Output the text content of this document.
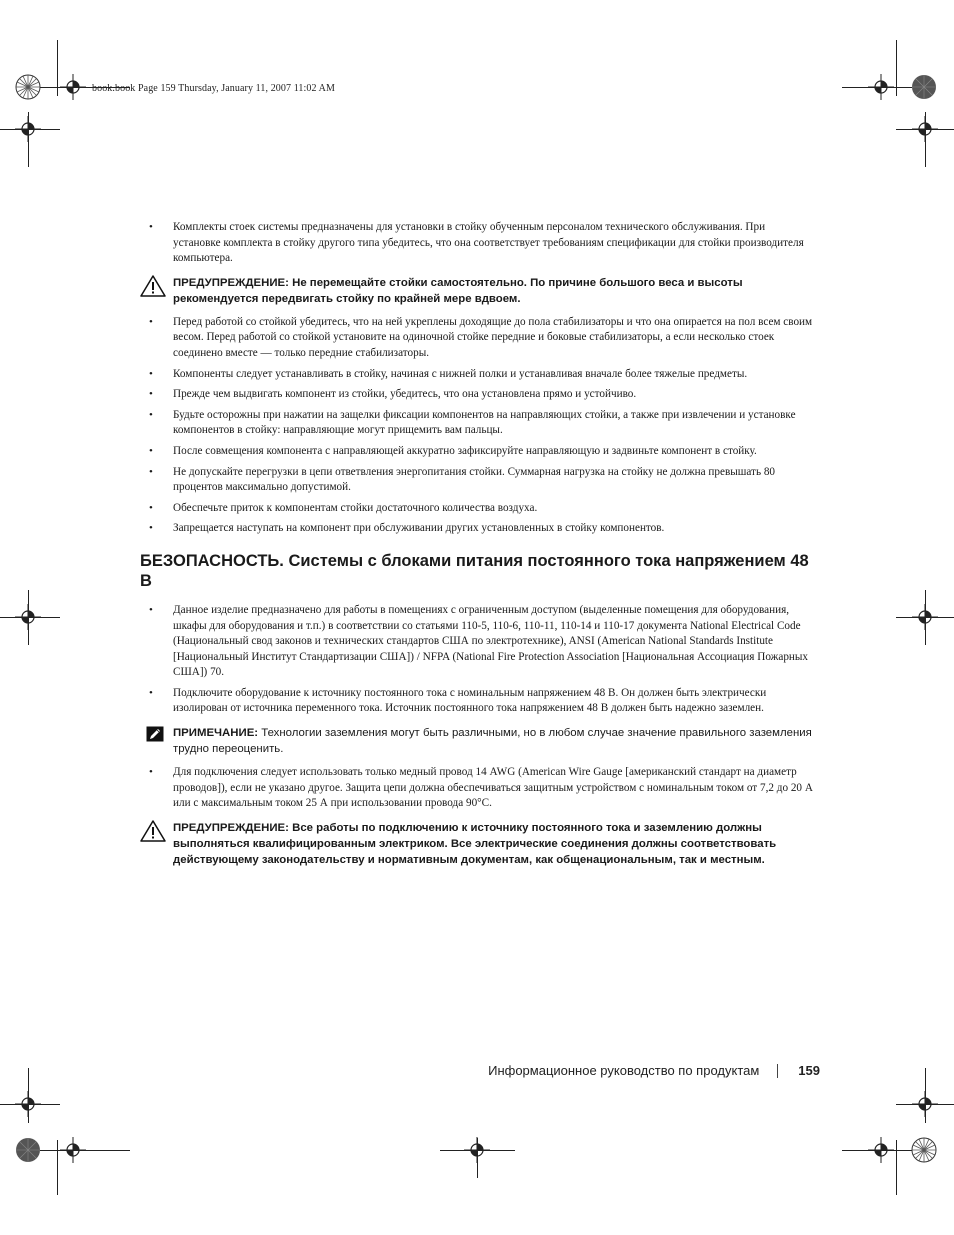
book.book Page 159 Thursday, January 11, 2007 11:02 AM
• Комплекты стоек системы предназначены для установки в стойку обученным персоналом технического обслуживания. При установке комплекта в стойку другого типа убедитесь, что она соответствует требованиям спецификации для стойки производителя компьютера.
ПРЕДУПРЕЖДЕНИЕ: Не перемещайте стойки самостоятельно. По причине большого веса и высоты рекомендуется передвигать стойку по крайней мере вдвоем.
• Перед работой со стойкой убедитесь, что на ней укреплены доходящие до пола стабилизаторы и что она опирается на пол всем своим весом. Перед работой со стойкой установите на одиночной стойке передние и боковые стабилизаторы, а если несколько стоек соединено вместе — только передние стабилизаторы.
• Компоненты следует устанавливать в стойку, начиная с нижней полки и устанавливая вначале более тяжелые предметы.
• Прежде чем выдвигать компонент из стойки, убедитесь, что она установлена прямо и устойчиво.
• Будьте осторожны при нажатии на защелки фиксации компонентов на направляющих стойки, а также при извлечении и установке компонентов в стойку: направляющие могут прищемить вам пальцы.
• После совмещения компонента с направляющей аккуратно зафиксируйте направляющую и задвиньте компонент в стойку.
• Не допускайте перегрузки в цепи ответвления энергопитания стойки. Суммарная нагрузка на стойку не должна превышать 80 процентов максимально допустимой.
• Обеспечьте приток к компонентам стойки достаточного количества воздуха.
• Запрещается наступать на компонент при обслуживании других установленных в стойку компонентов.
БЕЗОПАСНОСТЬ. Системы с блоками питания постоянного тока напряжением 48 В
• Данное изделие предназначено для работы в помещениях с ограниченным доступом (выделенные помещения для оборудования, шкафы для оборудования и т.п.) в соответствии со статьями 110-5, 110-6, 110-11, 110-14 и 110-17 документа National Electrical Code (Национальный свод законов и технических стандартов США по электротехнике), ANSI (American National Standards Institute [Национальный Институт Стандартизации США]) / NFPA (National Fire Protection Association [Национальная Ассоциация Пожарных США]) 70.
• Подключите оборудование к источнику постоянного тока с номинальным напряжением 48 В. Он должен быть электрически изолирован от источника переменного тока. Источник постоянного тока напряжением 48 В должен быть надежно заземлен.
ПРИМЕЧАНИЕ: Технологии заземления могут быть различными, но в любом случае значение правильного заземления трудно переоценить.
• Для подключения следует использовать только медный провод 14 AWG (American Wire Gauge [американский стандарт на диаметр проводов]), если не указано другое. Защита цепи должна обеспечиваться защитным устройством с номинальным током от 7,2 до 20 А или с максимальным током 25 А при использовании провода 90°C.
ПРЕДУПРЕЖДЕНИЕ: Все работы по подключению к источнику постоянного тока и заземлению должны выполняться квалифицированным электриком. Все электрические соединения должны соответствовать действующему законодательству и нормативным документам, как общенациональным, так и местным.
Информационное руководство по продуктам	159
